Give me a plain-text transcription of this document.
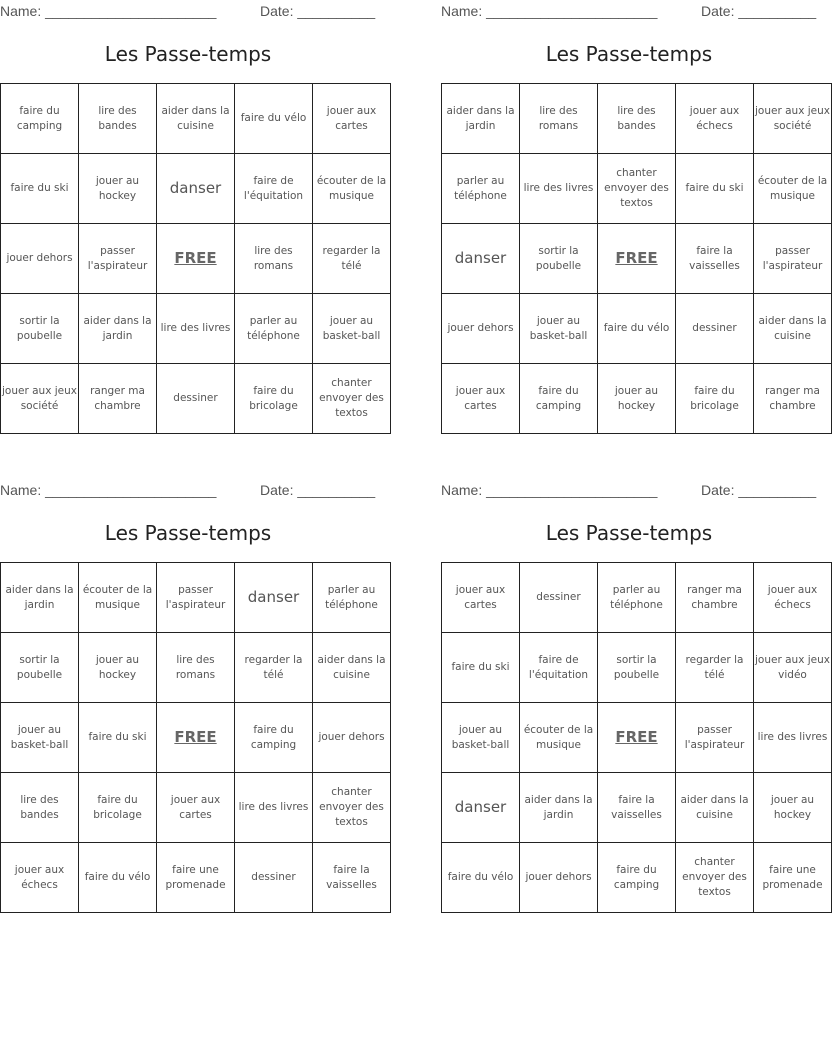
Name: ______________________	Date: __________
Les Passe-temps
faire du camping	lire des bandes	aider dans la cuisine	faire du vélo	jouer aux cartes
faire du ski	jouer au hockey	danser	faire de l'équitation	écouter de la musique
jouer dehors	passer l'aspirateur	FREE	lire des romans	regarder la télé
sortir la poubelle	aider dans la jardin	lire des livres	parler au téléphone	jouer au basket-ball
jouer aux jeux société	ranger ma chambre	dessiner	faire du bricolage	chanter envoyer des textos
Name: ______________________	Date: __________
Les Passe-temps
aider dans la jardin	lire des romans	lire des bandes	jouer aux échecs	jouer aux jeux société
parler au téléphone	lire des livres	chanter envoyer des textos	faire du ski	écouter de la musique
danser	sortir la poubelle	FREE	faire la vaisselles	passer l'aspirateur
jouer dehors	jouer au basket-ball	faire du vélo	dessiner	aider dans la cuisine
jouer aux cartes	faire du camping	jouer au hockey	faire du bricolage	ranger ma chambre
Name: ______________________	Date: __________
Les Passe-temps
aider dans la jardin	écouter de la musique	passer l'aspirateur	danser	parler au téléphone
sortir la poubelle	jouer au hockey	lire des romans	regarder la télé	aider dans la cuisine
jouer au basket-ball	faire du ski	FREE	faire du camping	jouer dehors
lire des bandes	faire du bricolage	jouer aux cartes	lire des livres	chanter envoyer des textos
jouer aux échecs	faire du vélo	faire une promenade	dessiner	faire la vaisselles
Name: ______________________	Date: __________
Les Passe-temps
jouer aux cartes	dessiner	parler au téléphone	ranger ma chambre	jouer aux échecs
faire du ski	faire de l'équitation	sortir la poubelle	regarder la télé	jouer aux jeux vidéo
jouer au basket-ball	écouter de la musique	FREE	passer l'aspirateur	lire des livres
danser	aider dans la jardin	faire la vaisselles	aider dans la cuisine	jouer au hockey
faire du vélo	jouer dehors	faire du camping	chanter envoyer des textos	faire une promenade
